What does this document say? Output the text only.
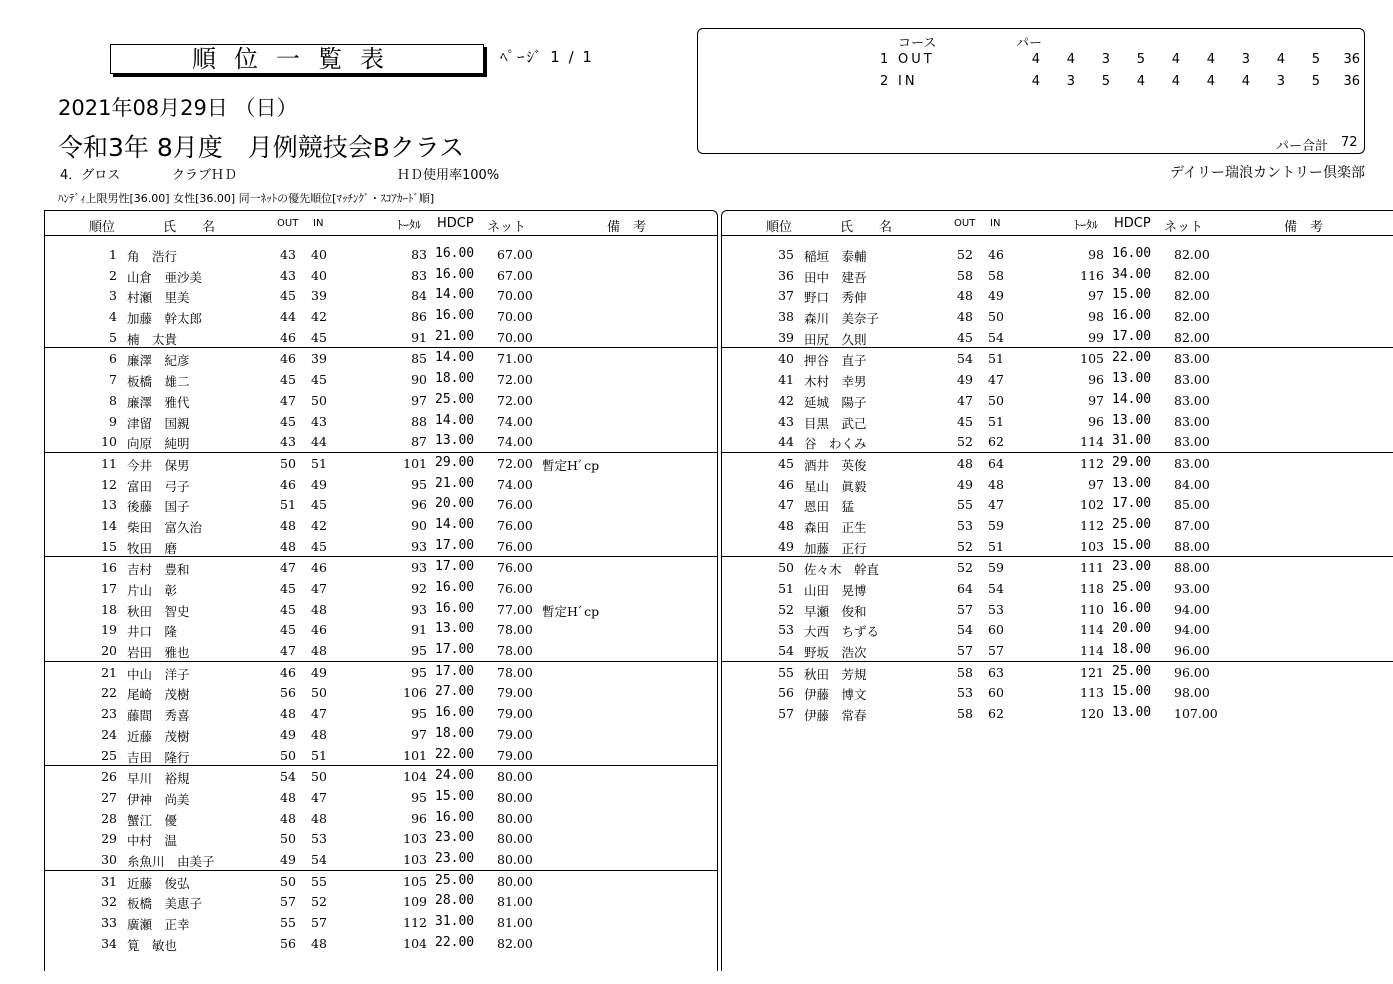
順位一覧表	ﾍﾟｰｼﾞ 1 / 1
2021年08月29日 （日）
令和3年 8月度　月例競技会Bクラス
4．グロス	クラブＨＤ	ＨＤ使用率100%	デイリー瑞浪カントリー倶楽部
ﾊﾝﾃﾞｨ上限男性[36.00] 女性[36.00] 同一ﾈｯﾄの優先順位[ﾏｯﾁﾝｸﾞ・ｽｺｱｶｰﾄﾞ順]
コース	パー
1 OUT	4	4	3	5	4	4	3	4	5	36
2 IN	4	3	5	4	4	4	4	3	5	36
パー合計 72
順位	氏　　名	OUT IN	ﾄｰﾀﾙ HDCP ネット	備　考
1 角　浩行	43 40	83 16.00 67.00
2 山倉　亜沙美	43 40	83 16.00 67.00
3 村瀬　里美	45 39	84 14.00 70.00
4 加藤　幹太郎	44 42	86 16.00 70.00
5 楠　太貴	46 45	91 21.00 70.00
6 廉澤　紀彦	46 39	85 14.00 71.00
7 板橋　雄二	45 45	90 18.00 72.00
8 廉澤　雅代	47 50	97 25.00 72.00
9 津留　国親	45 43	88 14.00 74.00
10 向原　純明	43 44	87 13.00 74.00
11 今井　保男	50 51	101 29.00 72.00 暫定Hﾞcp
12 富田　弓子	46 49	95 21.00 74.00
13 後藤　国子	51 45	96 20.00 76.00
14 柴田　富久治	48 42	90 14.00 76.00
15 牧田　磨	48 45	93 17.00 76.00
16 吉村　豊和	47 46	93 17.00 76.00
17 片山　彰	45 47	92 16.00 76.00
18 秋田　智史	45 48	93 16.00 77.00 暫定Hﾞcp
19 井口　隆	45 46	91 13.00 78.00
20 岩田　雅也	47 48	95 17.00 78.00
21 中山　洋子	46 49	95 17.00 78.00
22 尾崎　茂樹	56 50	106 27.00 79.00
23 藤間　秀喜	48 47	95 16.00 79.00
24 近藤　茂樹	49 48	97 18.00 79.00
25 吉田　隆行	50 51	101 22.00 79.00
26 早川　裕規	54 50	104 24.00 80.00
27 伊神　尚美	48 47	95 15.00 80.00
28 蟹江　優	48 48	96 16.00 80.00
29 中村　温	50 53	103 23.00 80.00
30 糸魚川　由美子	49 54	103 23.00 80.00
31 近藤　俊弘	50 55	105 25.00 80.00
32 板橋　美恵子	57 52	109 28.00 81.00
33 廣瀬　正幸	55 57	112 31.00 81.00
34 筧　敏也	56 48	104 22.00 82.00
順位	氏　　名	OUT IN	ﾄｰﾀﾙ HDCP ネット	備　考
35 稲垣　泰輔	52 46	98 16.00 82.00
36 田中　建吾	58 58	116 34.00 82.00
37 野口　秀伸	48 49	97 15.00 82.00
38 森川　美奈子	48 50	98 16.00 82.00
39 田尻　久則	45 54	99 17.00 82.00
40 押谷　直子	54 51	105 22.00 83.00
41 木村　幸男	49 47	96 13.00 83.00
42 延城　陽子	47 50	97 14.00 83.00
43 目黒　武己	45 51	96 13.00 83.00
44 谷　わくみ	52 62	114 31.00 83.00
45 酒井　英俊	48 64	112 29.00 83.00
46 星山　眞毅	49 48	97 13.00 84.00
47 恩田　猛	55 47	102 17.00 85.00
48 森田　正生	53 59	112 25.00 87.00
49 加藤　正行	52 51	103 15.00 88.00
50 佐々木　幹直	52 59	111 23.00 88.00
51 山田　晃博	64 54	118 25.00 93.00
52 早瀬　俊和	57 53	110 16.00 94.00
53 大西　ちずる	54 60	114 20.00 94.00
54 野坂　浩次	57 57	114 18.00 96.00
55 秋田　芳規	58 63	121 25.00 96.00
56 伊藤　博文	53 60	113 15.00 98.00
57 伊藤　常春	58 62	120 13.00 107.00
